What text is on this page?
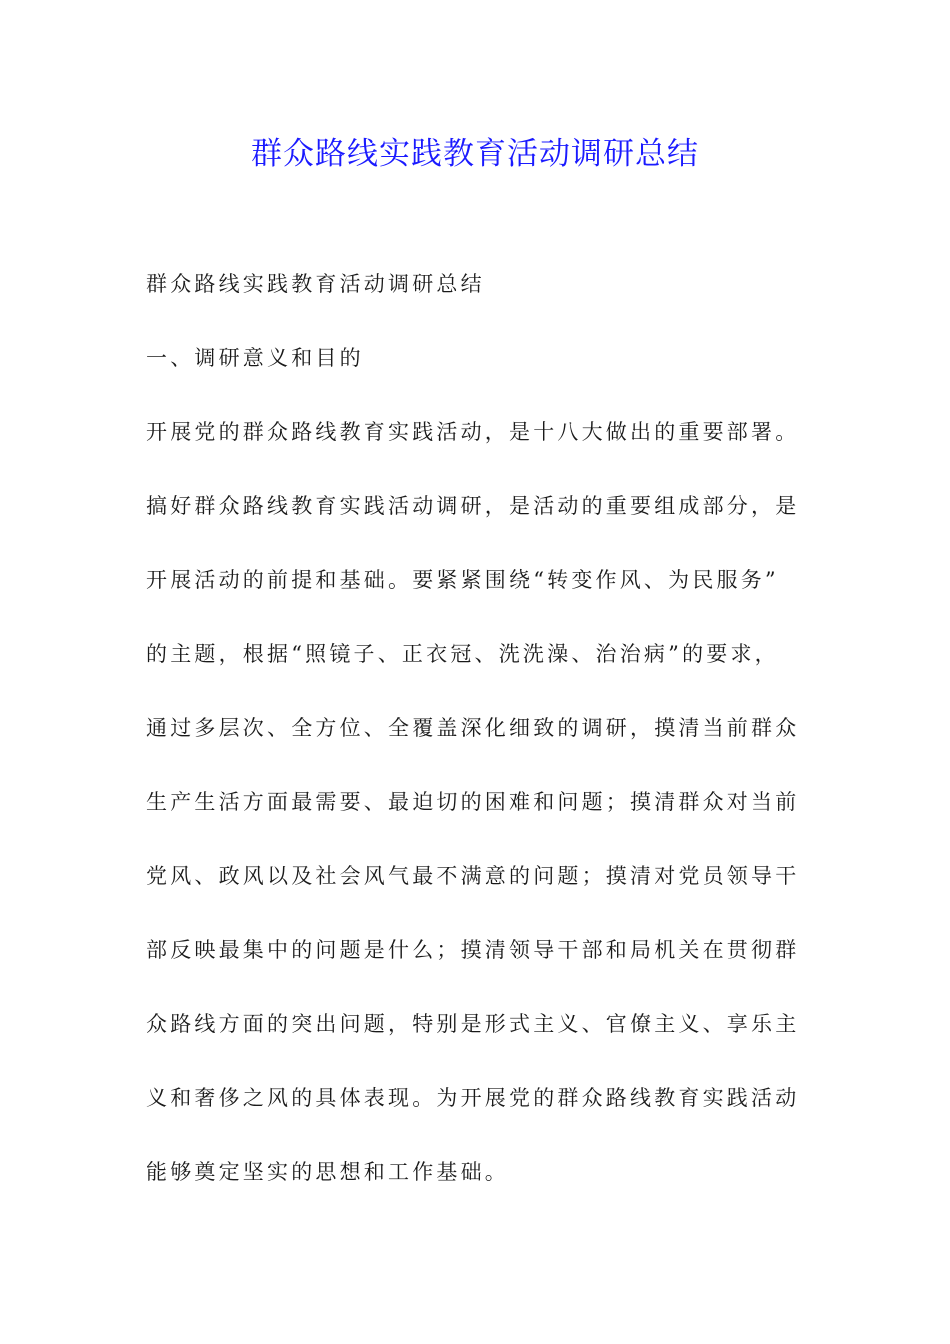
群众路线实践教育活动调研总结
群众路线实践教育活动调研总结
一、调研意义和目的
开展党的群众路线教育实践活动，是十八大做出的重要部署。
搞好群众路线教育实践活动调研，是活动的重要组成部分，是
开展活动的前提和基础。要紧紧围绕“转变作风、为民服务”
的主题，根据“照镜子、正衣冠、洗洗澡、治治病”的要求，
通过多层次、全方位、全覆盖深化细致的调研，摸清当前群众
生产生活方面最需要、最迫切的困难和问题；摸清群众对当前
党风、政风以及社会风气最不满意的问题；摸清对党员领导干
部反映最集中的问题是什么；摸清领导干部和局机关在贯彻群
众路线方面的突出问题，特别是形式主义、官僚主义、享乐主
义和奢侈之风的具体表现。为开展党的群众路线教育实践活动
能够奠定坚实的思想和工作基础。
